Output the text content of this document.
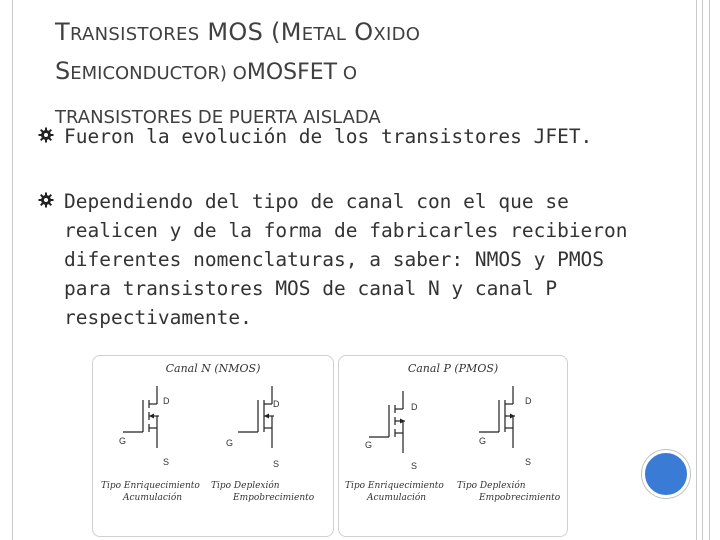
TRANSISTORES MOS (METAL OXIDO
SEMICONDUCTOR) OMOSFET O
TRANSISTORES DE PUERTA AISLADA
Fueron la evolución de los transistores JFET.
Dependiendo del tipo de canal con el que se realicen y de la forma de fabricarles recibieron diferentes nomenclaturas, a saber: NMOS y PMOS para transistores MOS de canal N y canal P respectivamente.
Canal N (NMOS)
D
G
S
D
G
S
Tipo Enriquecimiento
Acumulación
Tipo Deplexión
Empobrecimiento
Canal P (PMOS)
D
G
S
D
G
S
Tipo Enriquecimiento
Acumulación
Tipo Deplexión
Empobrecimiento
